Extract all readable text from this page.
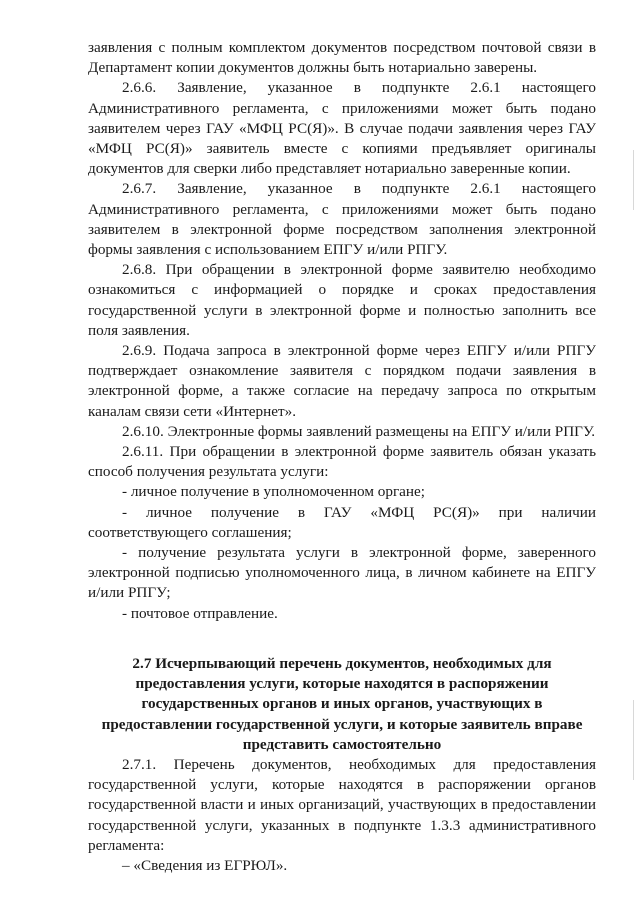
заявления с полным комплектом документов посредством почтовой связи в Департамент копии документов должны быть нотариально заверены.

2.6.6. Заявление, указанное в подпункте 2.6.1 настоящего Административного регламента, с приложениями может быть подано заявителем через ГАУ «МФЦ РС(Я)». В случае подачи заявления через ГАУ «МФЦ РС(Я)» заявитель вместе с копиями предъявляет оригиналы документов для сверки либо представляет нотариально заверенные копии.

2.6.7. Заявление, указанное в подпункте 2.6.1 настоящего Административного регламента, с приложениями может быть подано заявителем в электронной форме посредством заполнения электронной формы заявления с использованием ЕПГУ и/или РПГУ.

2.6.8. При обращении в электронной форме заявителю необходимо ознакомиться с информацией о порядке и сроках предоставления государственной услуги в электронной форме и полностью заполнить все поля заявления.

2.6.9. Подача запроса в электронной форме через ЕПГУ и/или РПГУ подтверждает ознакомление заявителя с порядком подачи заявления в электронной форме, а также согласие на передачу запроса по открытым каналам связи сети «Интернет».

2.6.10. Электронные формы заявлений размещены на ЕПГУ и/или РПГУ.

2.6.11. При обращении в электронной форме заявитель обязан указать способ получения результата услуги:

- личное получение в уполномоченном органе;

- личное получение в ГАУ «МФЦ РС(Я)» при наличии соответствующего соглашения;

- получение результата услуги в электронной форме, заверенного электронной подписью уполномоченного лица, в личном кабинете на ЕПГУ и/или РПГУ;

- почтовое отправление.

2.7 Исчерпывающий перечень документов, необходимых для предоставления услуги, которые находятся в распоряжении государственных органов и иных органов, участвующих в предоставлении государственной услуги, и которые заявитель вправе представить самостоятельно

2.7.1. Перечень документов, необходимых для предоставления государственной услуги, которые находятся в распоряжении органов государственной власти и иных организаций, участвующих в предоставлении государственной услуги, указанных в подпункте 1.3.3 административного регламента:

– «Сведения из ЕГРЮЛ».
